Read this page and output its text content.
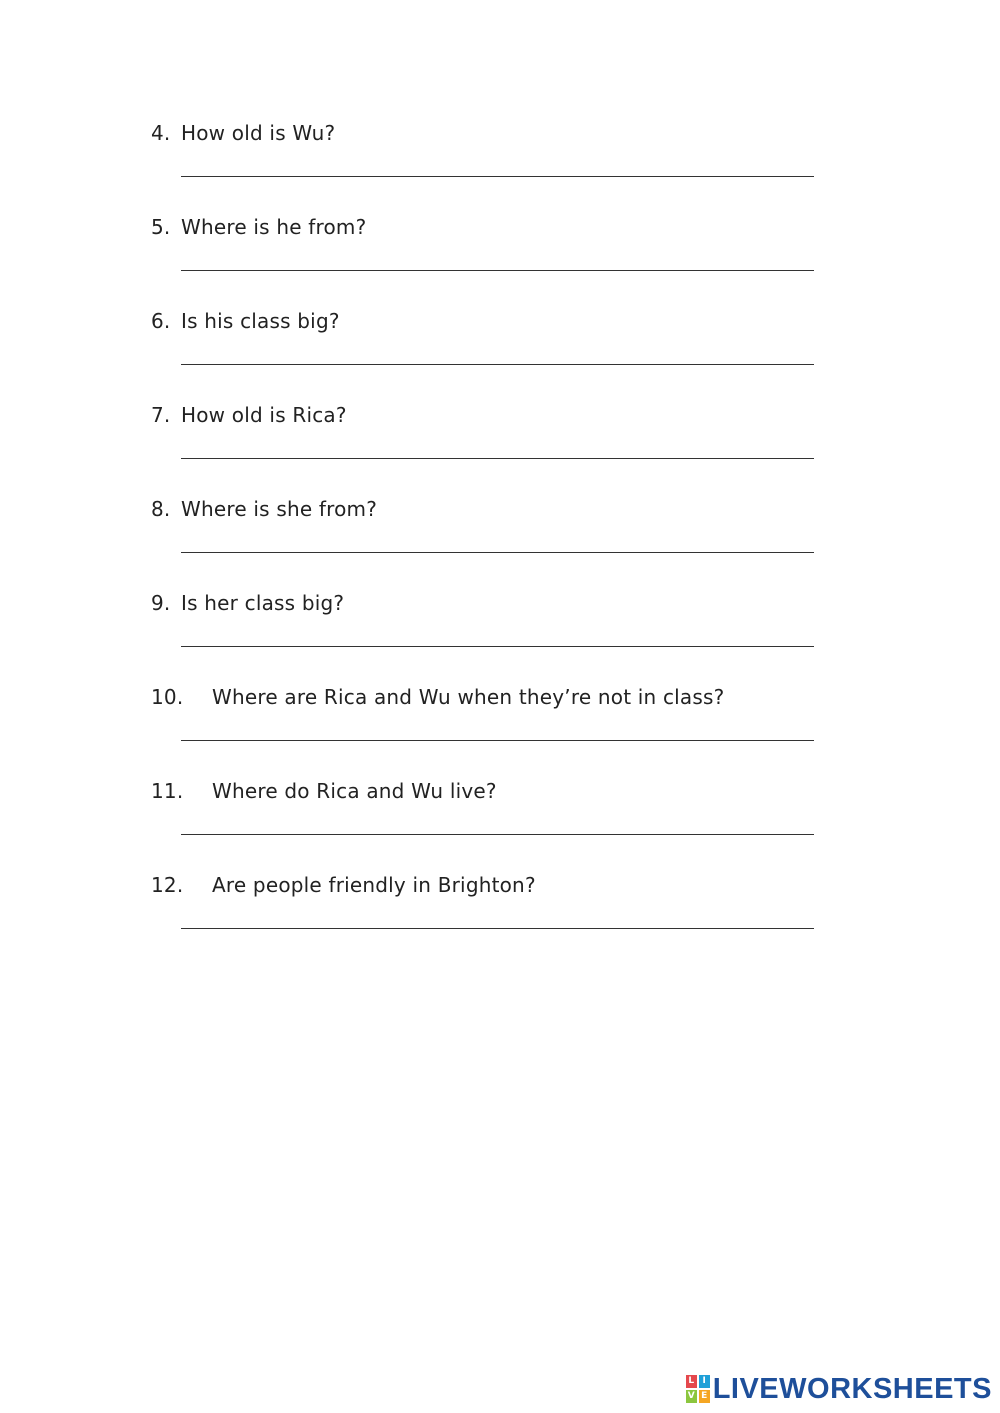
4. How old is Wu?
5. Where is he from?
6. Is his class big?
7. How old is Rica?
8. Where is she from?
9. Is her class big?
10. Where are Rica and Wu when they’re not in class?
11. Where do Rica and Wu live?
12. Are people friendly in Brighton?
L I
V E LIVEWORKSHEETS
